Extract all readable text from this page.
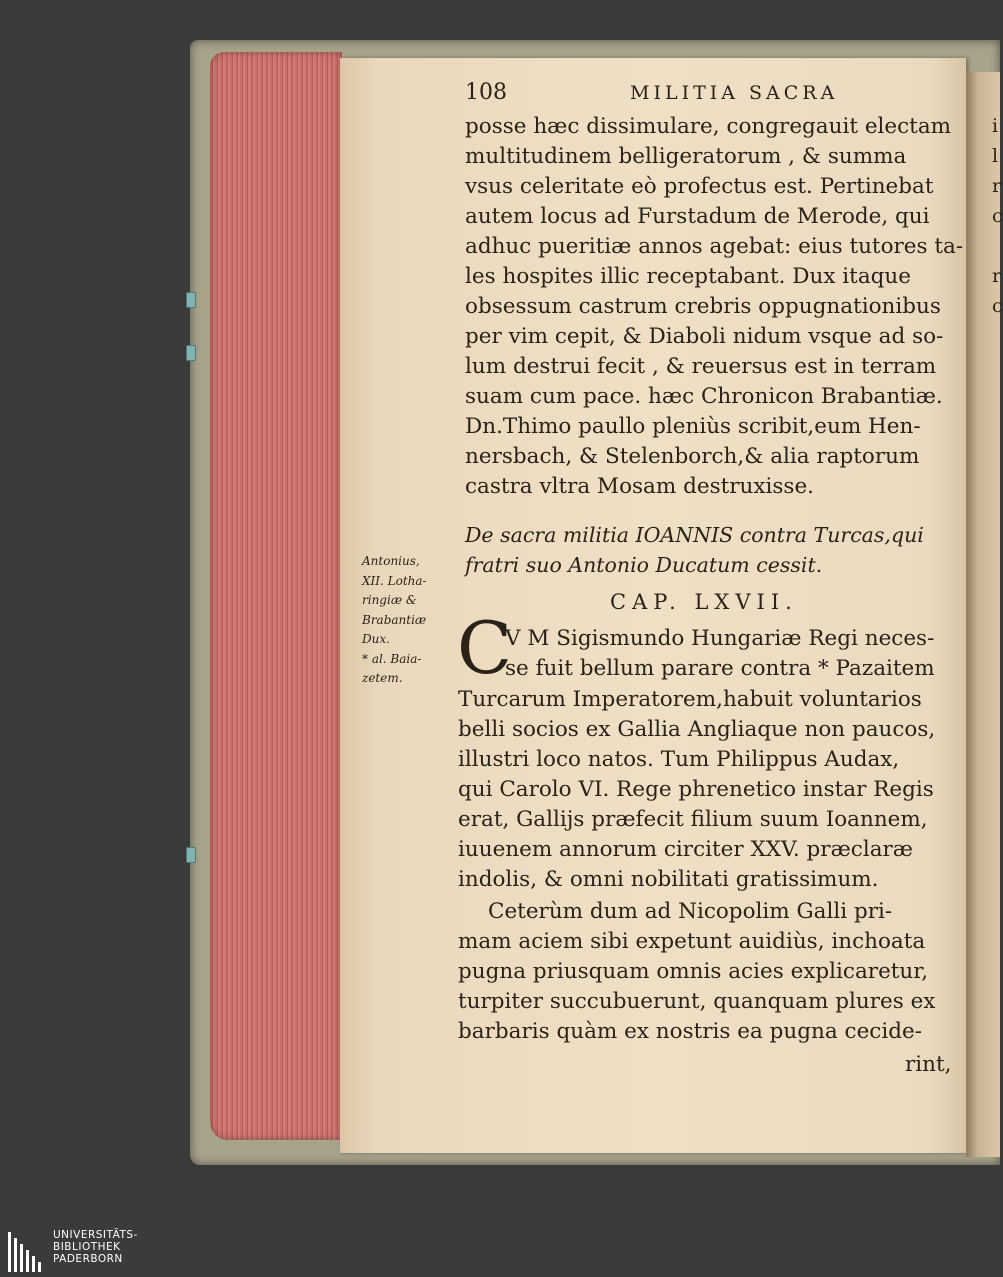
i
l
r
c
r
c
108	MILITIA SACRA
posse hæc dissimulare, congregauit electam
multitudinem belligeratorum , & summa
vsus celeritate eò profectus est. Pertinebat
autem locus ad Furstadum de Merode, qui
adhuc pueritiæ annos agebat: eius tutores ta-
les hospites illic receptabant. Dux itaque
obsessum castrum crebris oppugnationibus
per vim cepit, & Diaboli nidum vsque ad so-
lum destrui fecit , & reuersus est in terram
suam cum pace. hæc Chronicon Brabantiæ.
Dn.Thimo paullo pleniùs scribit,eum Hen-
nersbach, & Stelenborch,& alia raptorum
castra vltra Mosam destruxisse.
De sacra militia IOANNIS contra Turcas,qui
fratri suo Antonio Ducatum cessit.
Antonius,
XII. Lotha-
ringiæ &
Brabantiæ
Dux.
* al. Baia-
zetem.
CAP. LXVII.
C
V M Sigismundo Hungariæ Regi neces-
se fuit bellum parare contra * Pazaitem
Turcarum Imperatorem,habuit voluntarios
belli socios ex Gallia Angliaque non paucos,
illustri loco natos. Tum Philippus Audax,
qui Carolo VI. Rege phrenetico instar Regis
erat, Gallijs præfecit filium suum Ioannem,
iuuenem annorum circiter XXV. præclaræ
indolis, & omni nobilitati gratissimum.
Ceterùm dum ad Nicopolim Galli pri-
mam aciem sibi expetunt auidiùs, inchoata
pugna priusquam omnis acies explicaretur,
turpiter succubuerunt, quanquam plures ex
barbaris quàm ex nostris ea pugna cecide-
rint,
UNIVERSITÄTS-
BIBLIOTHEK
PADERBORN
